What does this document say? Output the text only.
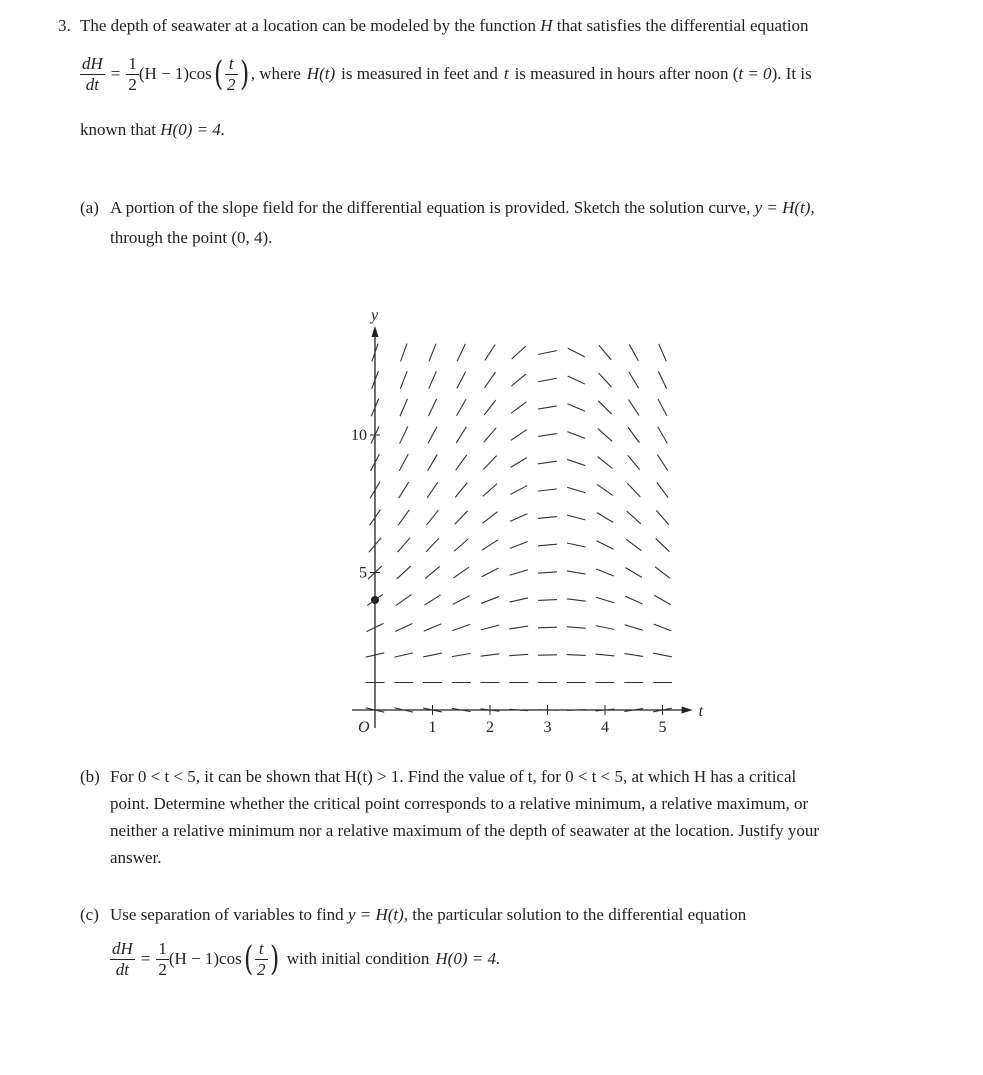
3. The depth of seawater at a location can be modeled by the function H that satisfies the differential equation
$\frac{dH}{dt} = \frac{1}{2} (H - 1)\cos$ ( $\frac{t}{2}$ ) , where H(t) is measured in feet and t is measured in hours after noon ( t = 0 ). It is
known that H(0) = 4.
(a) A portion of the slope field for the differential equation is provided. Sketch the solution curve, y = H(t),
through the point (0, 4).
1	2	3	4	5
5
10
t
y
O
(b) For 0 < t < 5, it can be shown that H(t) > 1. Find the value of t, for 0 < t < 5, at which H has a critical
point. Determine whether the critical point corresponds to a relative minimum, a relative maximum, or
neither a relative minimum nor a relative maximum of the depth of seawater at the location. Justify your
answer.
(c) Use separation of variables to find y = H(t), the particular solution to the differential equation
$\frac{dH}{dt} = \frac{1}{2} (H - 1)\cos$ ( $\frac{t}{2}$ ) with initial condition H(0) = 4.
